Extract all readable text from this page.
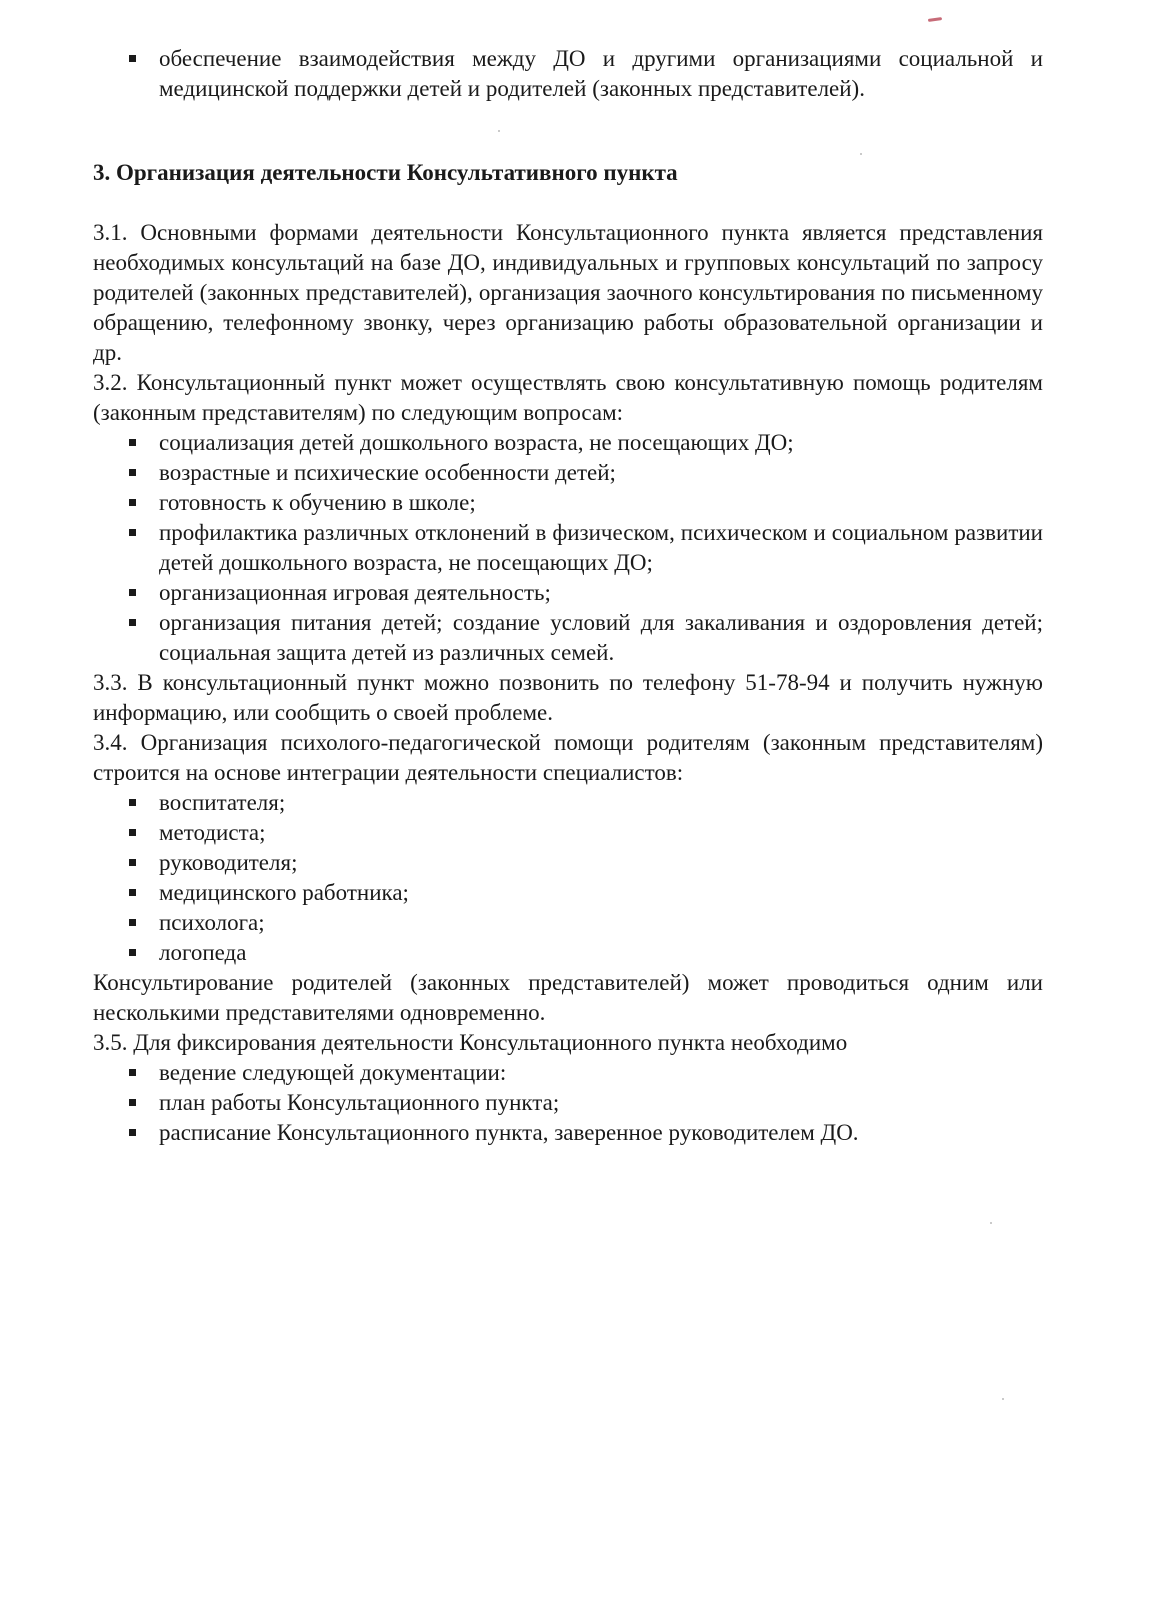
обеспечение взаимодействия между ДО и другими организациями социальной и медицинской поддержки детей и родителей (законных представителей).
3. Организация деятельности Консультативного пункта

3.1. Основными формами деятельности Консультационного пункта является представления необходимых консультаций на базе ДО, индивидуальных и групповых консультаций по запросу родителей (законных представителей), организация заочного консультирования по письменному обращению, телефонному звонку, через организацию работы образовательной организации и др.

3.2. Консультационный пункт может осуществлять свою консультативную помощь родителям (законным представителям) по следующим вопросам:

социализация детей дошкольного возраста, не посещающих ДО;
возрастные и психические особенности детей;
готовность к обучению в школе;
профилактика различных отклонений в физическом, психическом и социальном развитии детей дошкольного возраста, не посещающих ДО;
организационная игровая деятельность;
организация питания детей; создание условий для закаливания и оздоровления детей; социальная защита детей из различных семей.

3.3. В консультационный пункт можно позвонить по телефону 51-78-94 и получить нужную информацию, или сообщить о своей проблеме.

3.4. Организация психолого-педагогической помощи родителям (законным представителям) строится на основе интеграции деятельности специалистов:

воспитателя;
методиста;
руководителя;
медицинского работника;
психолога;
логопеда

Консультирование родителей (законных представителей) может проводиться одним или несколькими представителями одновременно.

3.5. Для фиксирования деятельности Консультационного пункта необходимо

ведение следующей документации:
план работы Консультационного пункта;
расписание Консультационного пункта, заверенное руководителем ДО.
